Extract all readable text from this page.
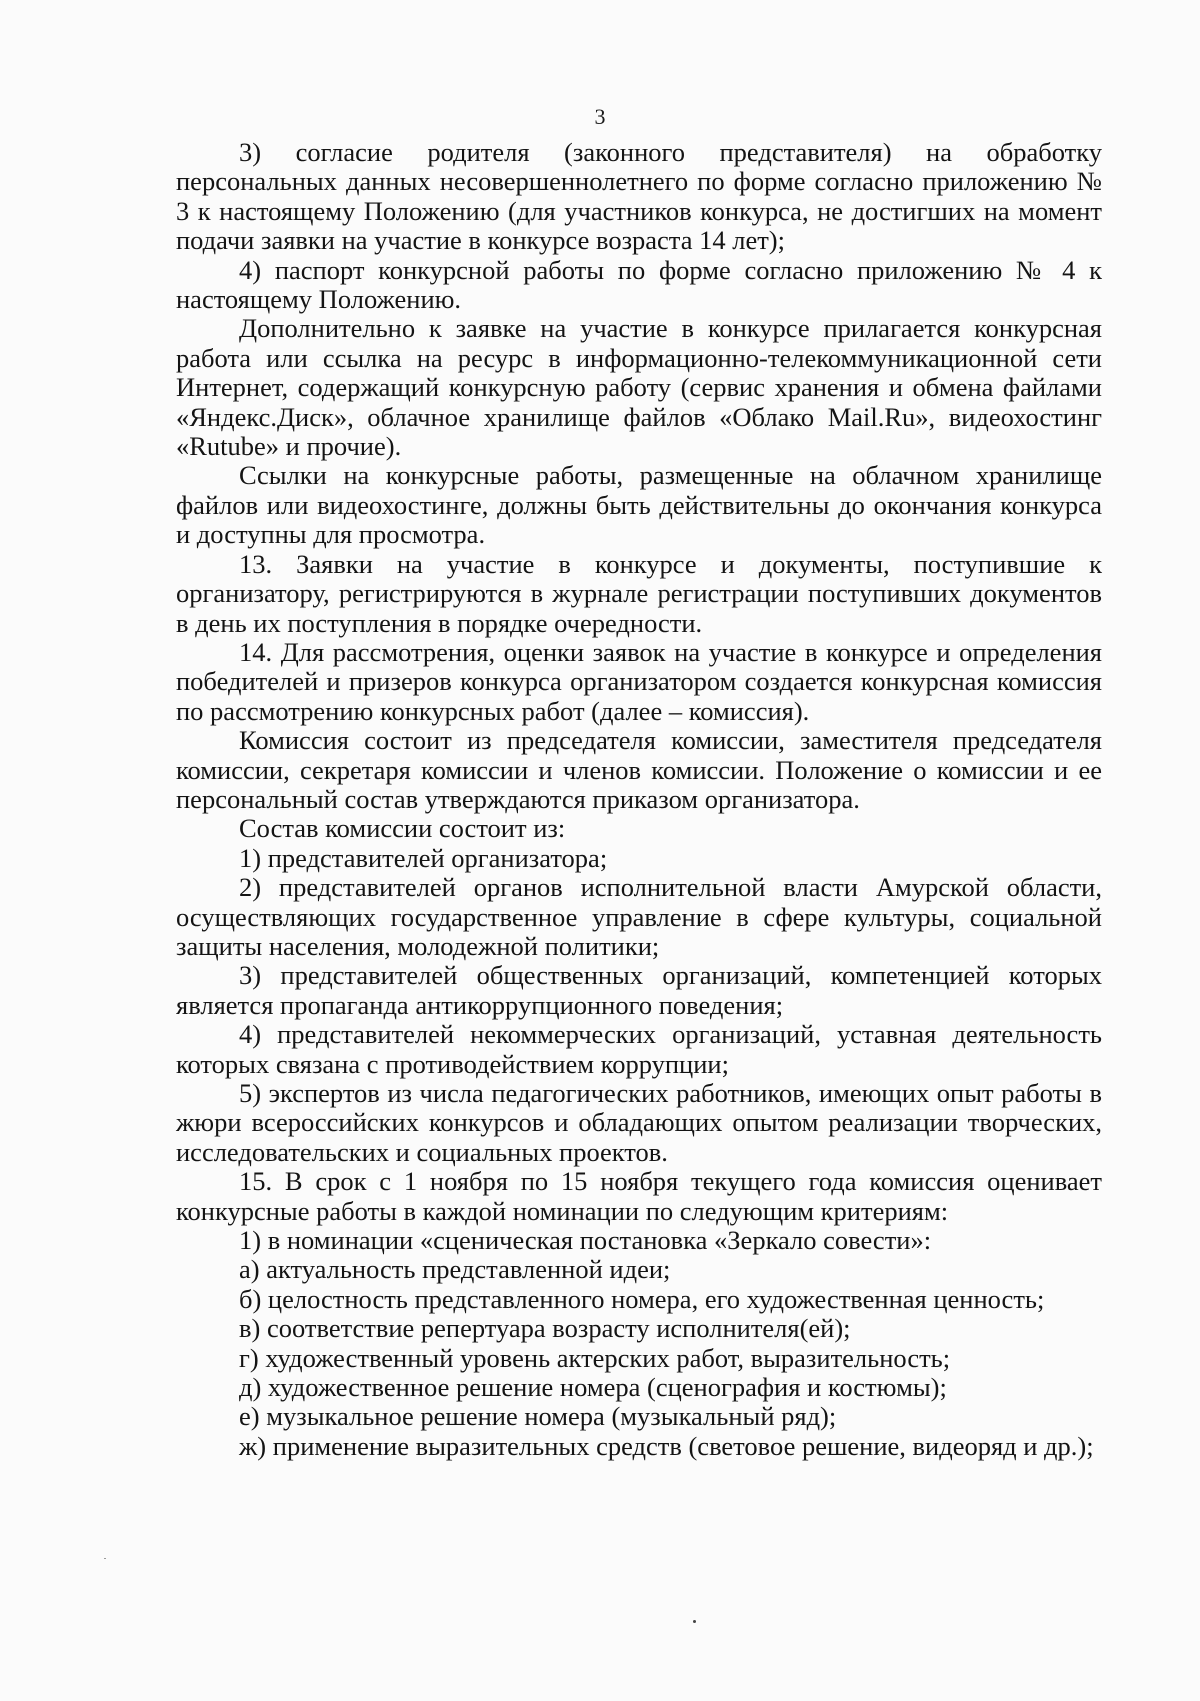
3

3) согласие родителя (законного представителя) на обработку персональных данных несовершеннолетнего по форме согласно приложению № 3 к настоящему Положению (для участников конкурса, не достигших на момент подачи заявки на участие в конкурсе возраста 14 лет);

4) паспорт конкурсной работы по форме согласно приложению № 4 к настоящему Положению.

Дополнительно к заявке на участие в конкурсе прилагается конкурсная работа или ссылка на ресурс в информационно-телекоммуникационной сети Интернет, содержащий конкурсную работу (сервис хранения и обмена файлами «Яндекс.Диск», облачное хранилище файлов «Облако Mail.Ru», видеохостинг «Rutube» и прочие).

Ссылки на конкурсные работы, размещенные на облачном хранилище файлов или видеохостинге, должны быть действительны до окончания конкурса и доступны для просмотра.

13. Заявки на участие в конкурсе и документы, поступившие к организатору, регистрируются в журнале регистрации поступивших документов в день их поступления в порядке очередности.

14. Для рассмотрения, оценки заявок на участие в конкурсе и определения победителей и призеров конкурса организатором создается конкурсная комиссия по рассмотрению конкурсных работ (далее – комиссия).

Комиссия состоит из председателя комиссии, заместителя председателя комиссии, секретаря комиссии и членов комиссии. Положение о комиссии и ее персональный состав утверждаются приказом организатора.

Состав комиссии состоит из:

1) представителей организатора;

2) представителей органов исполнительной власти Амурской области, осуществляющих государственное управление в сфере культуры, социальной защиты населения, молодежной политики;

3) представителей общественных организаций, компетенцией которых является пропаганда антикоррупционного поведения;

4) представителей некоммерческих организаций, уставная деятельность которых связана с противодействием коррупции;

5) экспертов из числа педагогических работников, имеющих опыт работы в жюри всероссийских конкурсов и обладающих опытом реализации творческих, исследовательских и социальных проектов.

15. В срок с 1 ноября по 15 ноября текущего года комиссия оценивает конкурсные работы в каждой номинации по следующим критериям:

1) в номинации «сценическая постановка «Зеркало совести»:

а) актуальность представленной идеи;

б) целостность представленного номера, его художественная ценность;

в) соответствие репертуара возрасту исполнителя(ей);

г) художественный уровень актерских работ, выразительность;

д) художественное решение номера (сценография и костюмы);

е) музыкальное решение номера (музыкальный ряд);

ж) применение выразительных средств (световое решение, видеоряд и др.);
